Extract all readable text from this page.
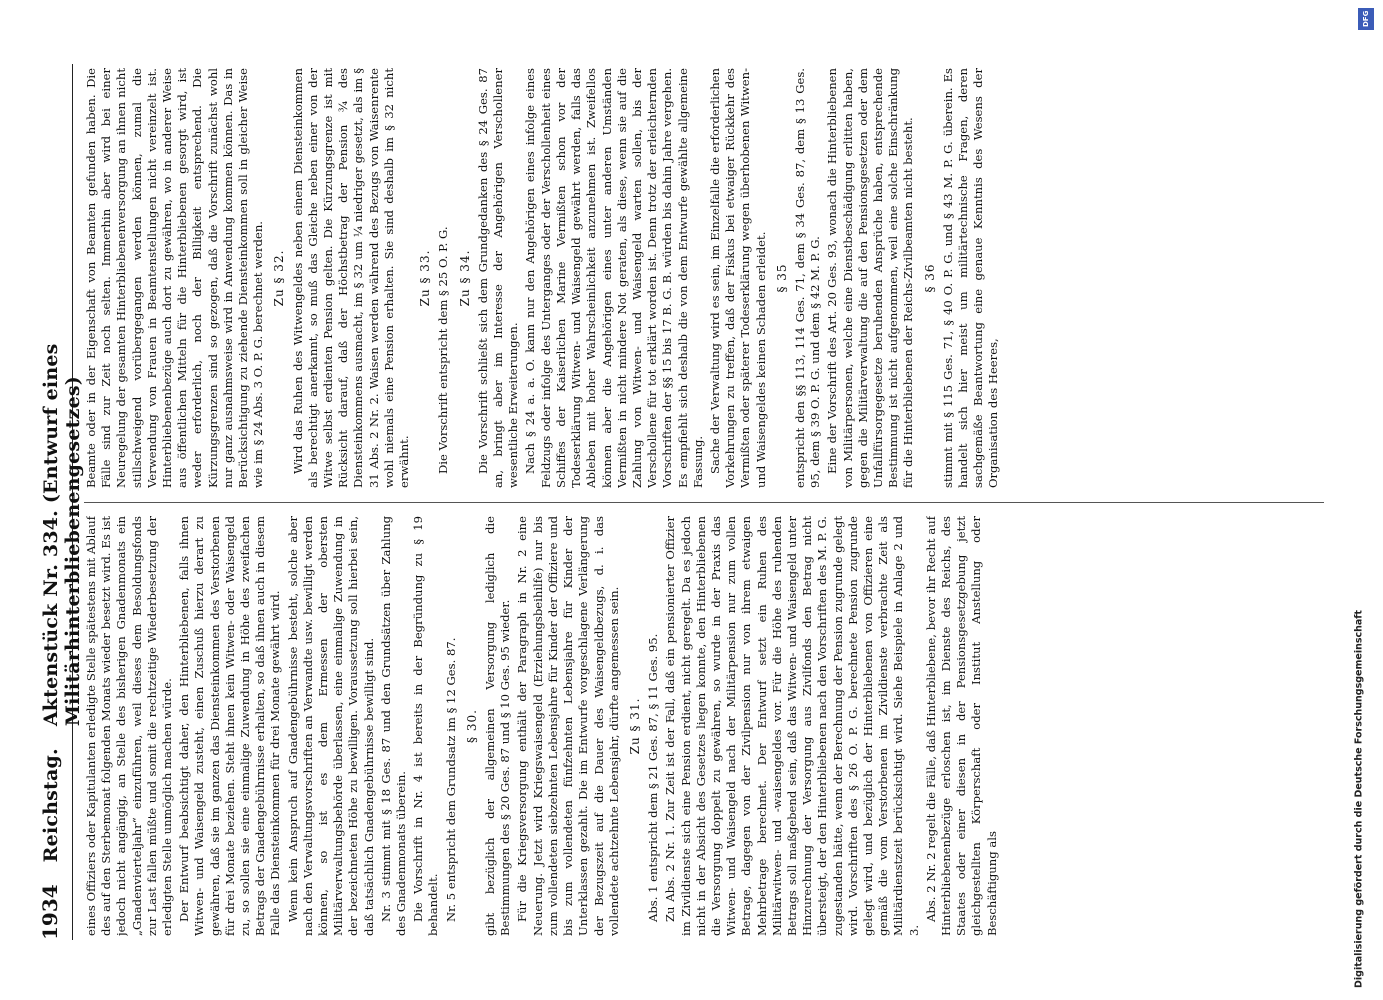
1934
Reichstag.
Aktenstück Nr. 334. (Entwurf eines Militärhinterbliebenengesetzes) eines Offiziers oder Kapitulanten erledigte Stelle spätestens mit Ablauf des auf den Sterbemonat folgenden Monats wieder besetzt wird. Es ist jedoch nicht angängig, an Stelle des bisherigen Gnadenmonats ein „Gnadenvierteljahr“ einzuführen, weil dieses dem Besoldungsfonds zur Last fallen müßte und somit die rechtzeitige Wiederbesetzung der erledigten Stelle unmöglich machen würde. Der Entwurf beabsichtigt daher, den Hinterbliebenen, falls ihnen Witwen- und Waisengeld zusteht, einen Zuschuß hierzu derart zu gewähren, daß sie im ganzen das Diensteinkommen des Verstorbenen für drei Monate beziehen. Steht ihnen kein Witwen- oder Waisengeld zu, so sollen sie eine einmalige Zuwendung in Höhe des zweifachen Betrags der Gnadengebührnisse erhalten, so daß ihnen auch in diesem Falle das Diensteinkommen für drei Monate gewährt wird. Wenn kein Anspruch auf Gnadengebührnisse besteht, solche aber nach den Verwaltungsvorschriften an Verwandte usw. bewilligt werden können, so ist es dem Ermessen der obersten Militärverwaltungsbehörde überlassen, eine einmalige Zuwendung in der bezeichneten Höhe zu bewilligen. Voraussetzung soll hierbei sein, daß tatsächlich Gnadengebührnisse bewilligt sind. Nr. 3 stimmt mit § 18 Ges. 87 und den Grundsätzen über Zahlung des Gnadenmonats überein. Die Vorschrift in Nr. 4 ist bereits in der Begründung zu § 19 behandelt. Nr. 5 entspricht dem Grundsatz im § 12 Ges. 87. § 30. gibt bezüglich der allgemeinen Versorgung lediglich die Bestimmungen des § 20 Ges. 87 und § 10 Ges. 95 wieder. Für die Kriegsversorgung enthält der Paragraph in Nr. 2 eine Neuerung. Jetzt wird Kriegswaisengeld (Erziehungsbeihilfe) nur bis zum vollendeten siebzehnten Lebensjahre für Kinder der Offiziere und bis zum vollendeten fünfzehnten Lebensjahre für Kinder der Unterklassen gezahlt. Die im Entwurfe vorgeschlagene Verlängerung der Bezugszeit auf die Dauer des Waisengeldbezugs, d. i. das vollendete achtzehnte Lebensjahr, dürfte angemessen sein. Zu § 31. Abs. 1 entspricht dem § 21 Ges. 87, § 11 Ges. 95. Zu Abs. 2 Nr. 1. Zur Zeit ist der Fall, daß ein pensionierter Offizier im Zivildienste sich eine Pension erdient, nicht geregelt. Da es jedoch nicht in der Absicht des Gesetzes liegen konnte, den Hinterbliebenen die Versorgung doppelt zu gewähren, so wurde in der Praxis das Witwen- und Waisengeld nach der Militärpension nur zum vollen Betrage, dagegen von der Zivilpension nur von ihrem etwaigen Mehrbetrage berechnet. Der Entwurf setzt ein Ruhen des Militärwitwen- und -waisengeldes vor. Für die Höhe des ruhenden Betrags soll maßgebend sein, daß das Witwen- und Waisengeld unter Hinzurechnung der Versorgung aus Zivilfonds den Betrag nicht übersteigt, der den Hinterbliebenen nach den Vorschriften des M. P. G. zugestanden hätte, wenn der Berechnung der Pension zugrunde gelegt wird. Vorschriften des § 26 O. P. G. berechnete Pension zugrunde gelegt wird, und bezüglich der Hinterbliebenen von Offizieren eine gemäß die vom Verstorbenen im Zivildienste verbrachte Zeit als Militärdienstzeit berücksichtigt wird. Siehe Beispiele in Anlage 2 und 3.

Abs. 2 Nr. 2 regelt die Fälle, daß Hinterbliebene, bevor ihr Recht auf Hinterbliebenenbezüge erloschen ist, im Dienste des Reichs, des Staates oder einer diesen in der Pensionsgesetzgebung jetzt gleichgestellten Körperschaft oder Institut Anstellung oder Beschäftigung als

Beamte oder in der Eigenschaft von Beamten gefunden haben. Die Fälle sind zur Zeit noch selten. Immerhin aber wird bei einer Neuregelung der gesamten Hinterbliebenenversorgung an ihnen nicht stillschweigend vorübergegangen werden können, zumal die Verwendung von Frauen in Beamtenstellungen nicht vereinzelt ist. Hinterbliebenenbezüge auch dort zu gewähren, wo in anderer Weise aus öffentlichen Mitteln für die Hinterbliebenen gesorgt wird, ist weder erforderlich, noch der Billigkeit entsprechend. Die Kürzungsgrenzen sind so gezogen, daß die Vorschrift zunächst wohl nur ganz ausnahmsweise wird in Anwendung kommen können. Das in Berücksichtigung zu ziehende Diensteinkommen soll in gleicher Weise wie im § 24 Abs. 3 O. P. G. berechnet werden. Zu § 32. Wird das Ruhen des Witwengeldes neben einem Diensteinkommen als berechtigt anerkannt, so muß das Gleiche neben einer von der Witwe selbst erdienten Pension gelten. Die Kürzungsgrenze ist mit Rücksicht darauf, daß der Höchstbetrag der Pension ¾ des Diensteinkommens ausmacht, im § 32 um ¼ niedriger gesetzt, als im § 31 Abs. 2 Nr. 2. Waisen werden während des Bezugs von Waisenrente wohl niemals eine Pension erhalten. Sie sind deshalb im § 32 nicht erwähnt.

Zu § 33. Die Vorschrift entspricht dem § 25 O. P. G. Zu § 34. Die Vorschrift schließt sich dem Grundgedanken des § 24 Ges. 87 an, bringt aber im Interesse der Angehörigen Verschollener wesentliche Erweiterungen. Nach § 24 a. a. O. kann nur den Angehörigen eines infolge eines Feldzugs oder infolge des Unterganges oder der Verschollenheit eines Schiffes der Kaiserlichen Marine Vermißten schon vor der Todeserklärung Witwen- und Waisengeld gewährt werden, falls das Ableben mit hoher Wahrscheinlichkeit anzunehmen ist. Zweifellos können aber die Angehörigen eines unter anderen Umständen Vermißten in nicht mindere Not geraten, als diese, wenn sie auf die Zahlung von Witwen- und Waisengeld warten sollen, bis der Verschollene für tot erklärt worden ist. Denn trotz der erleichternden Vorschriften der §§ 15 bis 17 B. G. B. würden bis dahin Jahre vergehen. Es empfiehlt sich deshalb die von dem Entwurfe gewählte allgemeine Fassung. Sache der Verwaltung wird es sein, im Einzelfalle die erforderlichen Vorkehrungen zu treffen, daß der Fiskus bei etwaiger Rückkehr des Vermißten oder späterer Todeserklärung wegen überhobenen Witwen- und Waisengeldes keinen Schaden erleidet. § 35 entspricht den §§ 113, 114 Ges. 71, dem § 34 Ges. 87, dem § 13 Ges. 95, dem § 39 O. P. G. und dem § 42 M. P. G. Eine der Vorschrift des Art. 20 Ges. 93, wonach die Hinterbliebenen von Militärpersonen, welche eine Dienstbeschädigung erlitten haben, gegen die Militärverwaltung die auf den Pensionsgesetzen oder dem Unfallfürsorgegesetze beruhenden Ansprüche haben, entsprechende Bestimmung ist nicht aufgenommen, weil eine solche Einschränkung für die Hinterbliebenen der Reichs-Zivilbeamten nicht besteht. § 36 stimmt mit § 115 Ges. 71, § 40 O. P. G. und § 43 M. P. G. überein. Es handelt sich hier meist um militärtechnische Fragen, deren sachgemäße Beantwortung eine genaue Kenntnis des Wesens der Organisation des Heeres,

Digitalisierung gefördert durch die Deutsche Forschungsgemeinschaft
DFG
